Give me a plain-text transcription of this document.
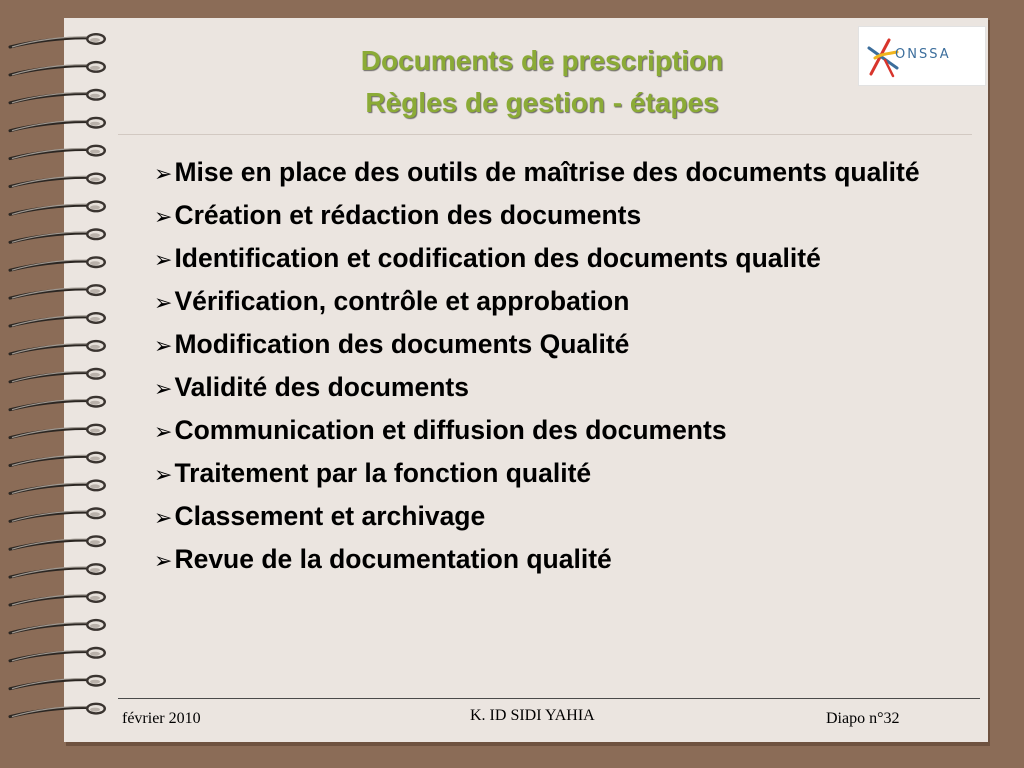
Documents de prescription
Règles de gestion - étapes
ONSSA
➢Mise en place des outils de maîtrise des documents qualité
➢Création et rédaction des documents
➢Identification et codification des documents qualité
➢Vérification, contrôle et approbation
➢Modification des documents Qualité
➢Validité des documents
➢Communication et diffusion des documents
➢Traitement par la fonction qualité
➢Classement et archivage
➢Revue de la documentation qualité
février 2010	K. ID SIDI YAHIA	Diapo n°32
